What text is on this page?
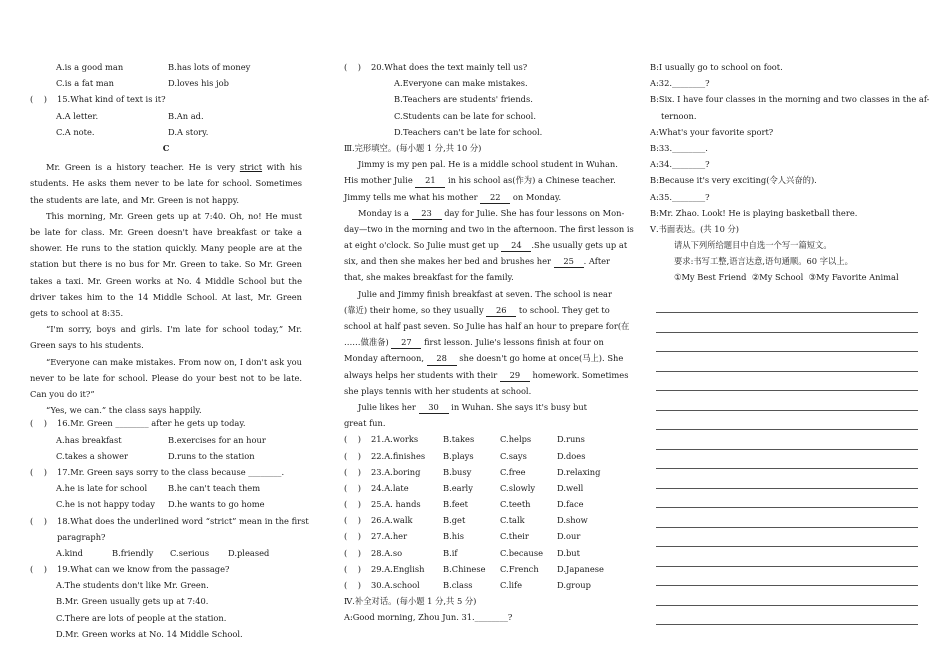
A.is a good man	B.has lots of money
C.is a fat man	D.loves his job
(    ) 15.What kind of text is it?
A.A letter.	B.An ad.
C.A note.	D.A story.
C
Mr. Green is a history teacher. He is very strict with his students. He asks them never to be late for school. Sometimes the students are late, and Mr. Green is not happy.
This morning, Mr. Green gets up at 7:40. Oh, no! He must be late for class. Mr. Green doesn't have breakfast or take a shower. He runs to the station quickly. Many people are at the station but there is no bus for Mr. Green to take. So Mr. Green takes a taxi. Mr. Green works at No. 4 Middle School but the driver takes him to the 14 Middle School. At last, Mr. Green gets to school at 8:35.
“I'm sorry, boys and girls. I'm late for school today,” Mr. Green says to his students.
“Everyone can make mistakes. From now on, I don't ask you never to be late for school. Please do your best not to be late. Can you do it?”
“Yes, we can.” the class says happily.
(    ) 16.Mr. Green ________ after he gets up today.
A.has breakfast	B.exercises for an hour
C.takes a shower	D.runs to the station
(    ) 17.Mr. Green says sorry to the class because ________.
A.he is late for school	B.he can't teach them
C.he is not happy today	D.he wants to go home
(    ) 18.What does the underlined word “strict” mean in the first
paragraph?
A.kind	B.friendly	C.serious	D.pleased
(    ) 19.What can we know from the passage?
A.The students don't like Mr. Green.
B.Mr. Green usually gets up at 7:40.
C.There are lots of people at the station.
D.Mr. Green works at No. 14 Middle School.
(    ) 20.What does the text mainly tell us?
A.Everyone can make mistakes.
B.Teachers are students' friends.
C.Students can be late for school.
D.Teachers can't be late for school.
Ⅲ.完形填空。(每小题 1 分,共 10 分)
Jimmy is my pen pal. He is a middle school student in Wuhan.
His mother Julie 21 in his school as(作为) a Chinese teacher.
Jimmy tells me what his mother 22 on Monday.
Monday is a 23 day for Julie. She has four lessons on Mon-
day—two in the morning and two in the afternoon. The first lesson is
at eight o'clock. So Julie must get up 24 .She usually gets up at
six, and then she makes her bed and brushes her 25 . After
that, she makes breakfast for the family.
Julie and Jimmy finish breakfast at seven. The school is near
(靠近) their home, so they usually 26 to school. They get to
school at half past seven. So Julie has half an hour to prepare for(在
……做准备) 27 first lesson. Julie's lessons finish at four on
Monday afternoon, 28 she doesn't go home at once(马上). She
always helps her students with their 29 homework. Sometimes
she plays tennis with her students at school.
Julie likes her 30 in Wuhan. She says it's busy but
great fun.
(    )	21.A.works	B.takes	C.helps	D.runs
(    )	22.A.finishes	B.plays	C.says	D.does
(    )	23.A.boring	B.busy	C.free	D.relaxing
(    )	24.A.late	B.early	C.slowly	D.well
(    )	25.A. hands	B.feet	C.teeth	D.face
(    )	26.A.walk	B.get	C.talk	D.show
(    )	27.A.her	B.his	C.their	D.our
(    )	28.A.so	B.if	C.because	D.but
(    )	29.A.English	B.Chinese	C.French	D.Japanese
(    )	30.A.school	B.class	C.life	D.group
Ⅳ.补全对话。(每小题 1 分,共 5 分)
A:Good morning, Zhou Jun. 31.________?
B:I usually go to school on foot.
A:32.________?
B:Six. I have four classes in the morning and two classes in the af-
ternoon.
A:What's your favorite sport?
B:33.________.
A:34.________?
B:Because it's very exciting(令人兴奋的).
A:35.________?
B:Mr. Zhao. Look! He is playing basketball there.
Ⅴ.书面表达。(共 10 分)
请从下列所给题目中自选一个写一篇短文。
要求:书写工整,语言达意,语句通顺。60 字以上。
①My Best Friend  ②My School  ③My Favorite Animal
